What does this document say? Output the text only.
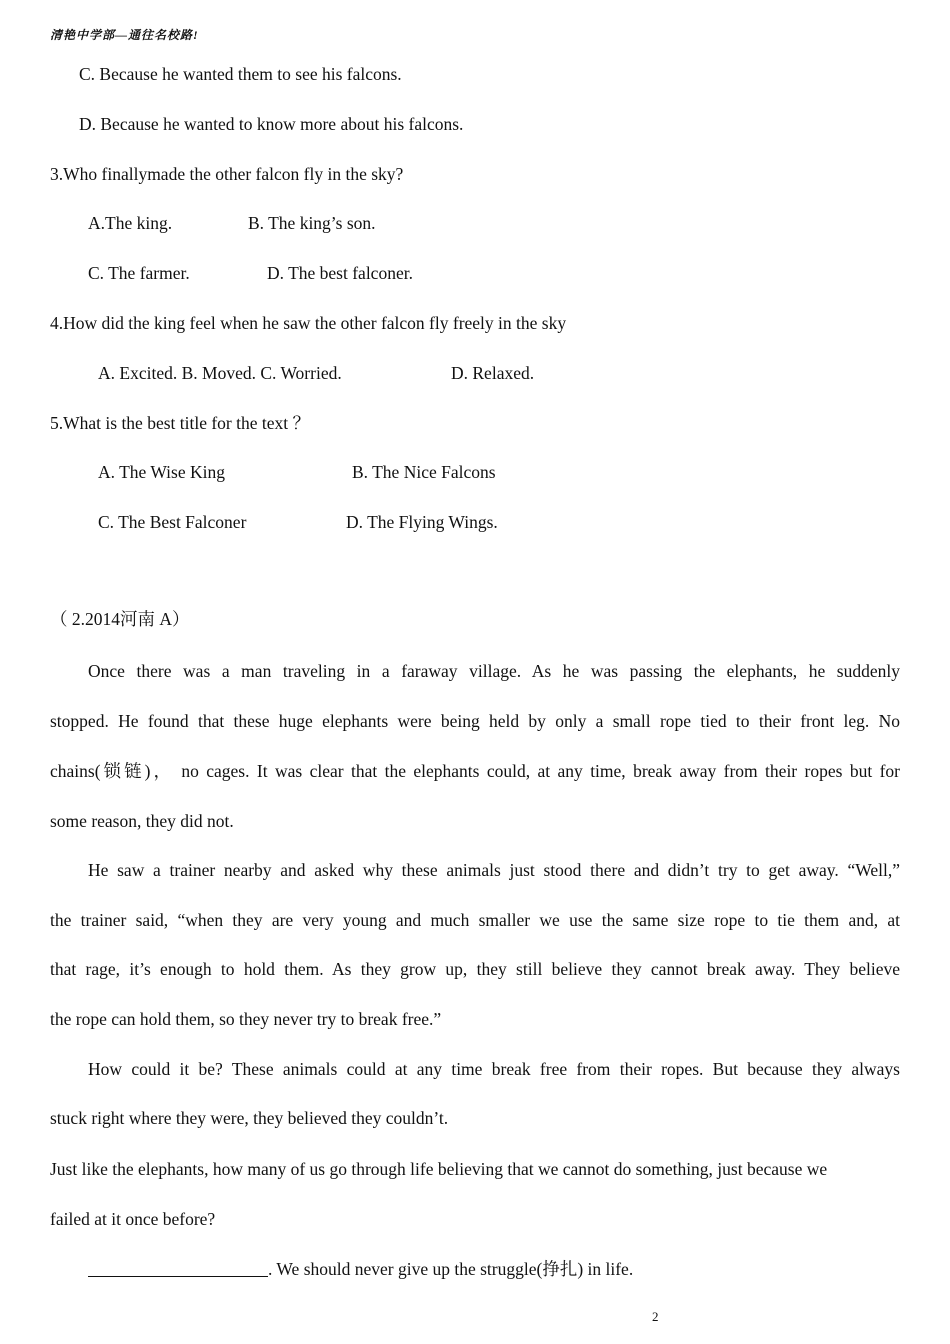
清艳中学部—通往名校路!
C. Because he wanted them to see his falcons.
D. Because he wanted to know more about his falcons.
3.Who finallymade the other falcon fly in the sky?
A.The king.	B. The king’s son.
C. The farmer.	D. The best falconer.
4.How did the king feel when he saw the other falcon fly freely in the sky
A. Excited. B. Moved. C. Worried.	D. Relaxed.
5.What is the best title for the text ？
A. The Wise King	B. The Nice Falcons
C. The Best Falconer	D. The Flying Wings.
（ 2.2014河南 A）
Once there was a man traveling in a faraway village. As he was passing the elephants, he suddenly
stopped. He found that these huge elephants were being held by only a small rope tied to their front leg. No
chains(锁链)， no cages. It was clear that the elephants could, at any time, break away from their ropes but for
some reason, they did not.
He saw a trainer nearby and asked why these animals just stood there and didn’t try to get away. “Well,”
the trainer said, “when they are very young and much smaller we use the same size rope to tie them and, at
that rage, it’s enough to hold them. As they grow up, they still believe they cannot break away. They believe
the rope can hold them, so they never try to break free.”
How could it be? These animals could at any time break free from their ropes. But because they always
stuck right where they were, they believed they couldn’t.
Just like the elephants, how many of us go through life believing that we cannot do something, just because we
failed at it once before?
. We should never give up the struggle(挣扎) in life.
2
